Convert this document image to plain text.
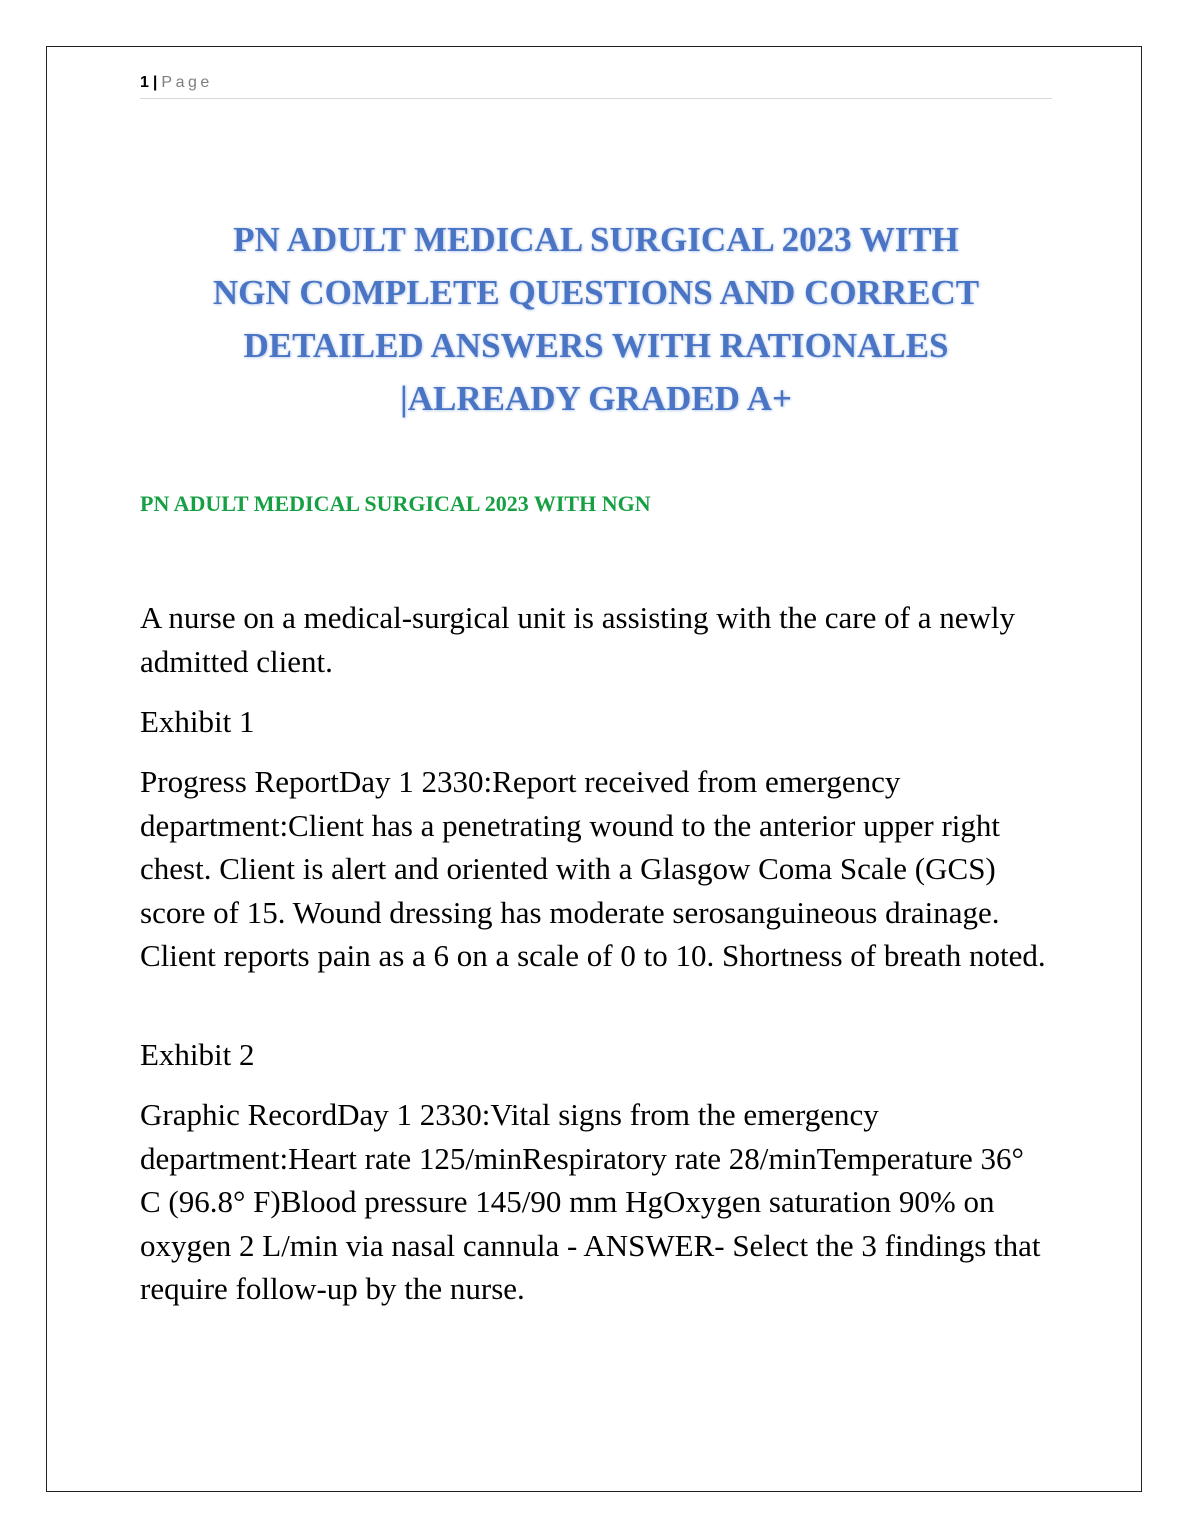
1 | Page
PN ADULT MEDICAL SURGICAL 2023 WITH
NGN COMPLETE QUESTIONS AND CORRECT
DETAILED ANSWERS WITH RATIONALES
|ALREADY GRADED A+
PN ADULT MEDICAL SURGICAL 2023 WITH NGN

A nurse on a medical-surgical unit is assisting with the care of a newly admitted client.

Exhibit 1

Progress ReportDay 1 2330:Report received from emergency department:Client has a penetrating wound to the anterior upper right chest. Client is alert and oriented with a Glasgow Coma Scale (GCS) score of 15. Wound dressing has moderate serosanguineous drainage. Client reports pain as a 6 on a scale of 0 to 10. Shortness of breath noted.

Exhibit 2

Graphic RecordDay 1 2330:Vital signs from the emergency department:Heart rate 125/minRespiratory rate 28/minTemperature 36° C (96.8° F)Blood pressure 145/90 mm HgOxygen saturation 90% on oxygen 2 L/min via nasal cannula - ANSWER- Select the 3 findings that require follow-up by the nurse.
